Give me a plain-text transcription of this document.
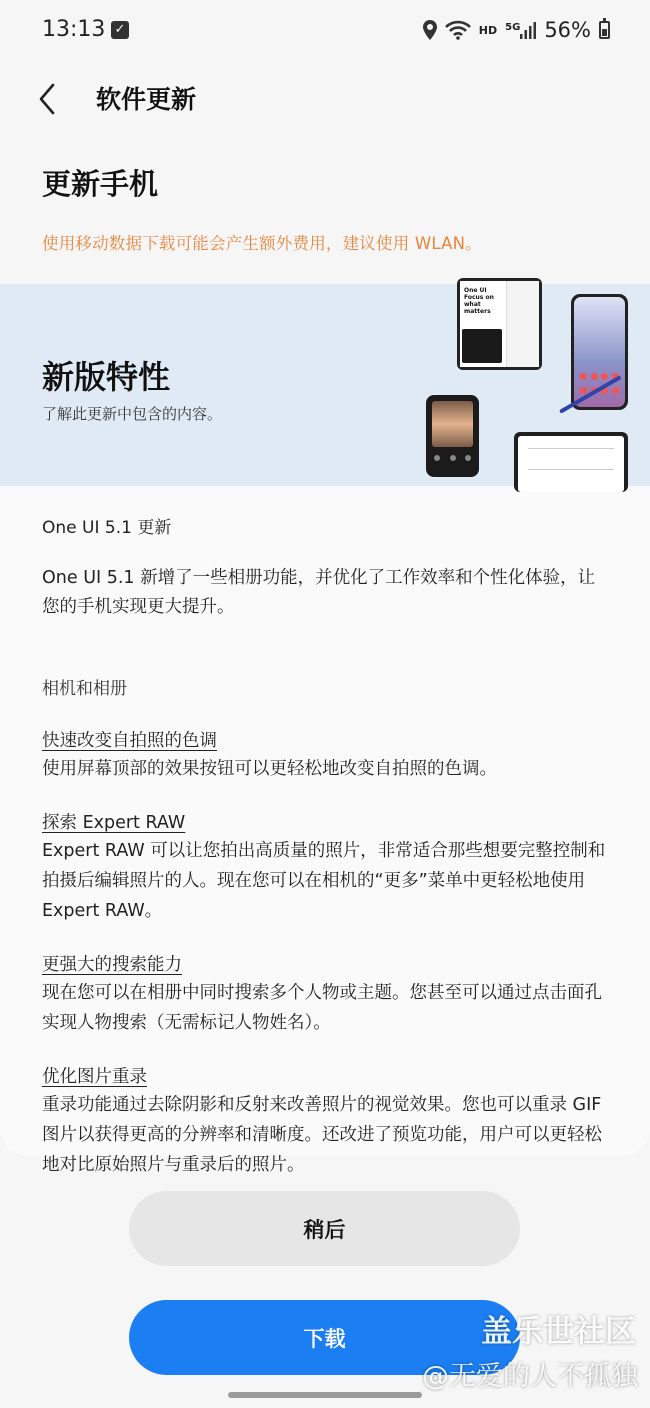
13:13 ✓	HD 5G 56%
软件更新
更新手机
使用移动数据下载可能会产生额外费用，建议使用 WLAN。
新版特性
了解此更新中包含的内容。
One UI
Focus on
what matters
One UI 5.1 更新
One UI 5.1 新增了一些相册功能，并优化了工作效率和个性化体验，让您的手机实现更大提升。
相机和相册
快速改变自拍照的色调
使用屏幕顶部的效果按钮可以更轻松地改变自拍照的色调。
探索 Expert RAW
Expert RAW 可以让您拍出高质量的照片，非常适合那些想要完整控制和拍摄后编辑照片的人。现在您可以在相机的“更多”菜单中更轻松地使用 Expert RAW。
更强大的搜索能力
现在您可以在相册中同时搜索多个人物或主题。您甚至可以通过点击面孔实现人物搜索（无需标记人物姓名）。
优化图片重录
重录功能通过去除阴影和反射来改善照片的视觉效果。您也可以重录 GIF 图片以获得更高的分辨率和清晰度。还改进了预览功能，用户可以更轻松地对比原始照片与重录后的照片。
稍后
下载	盖乐世社区
@无爱的人不孤独
